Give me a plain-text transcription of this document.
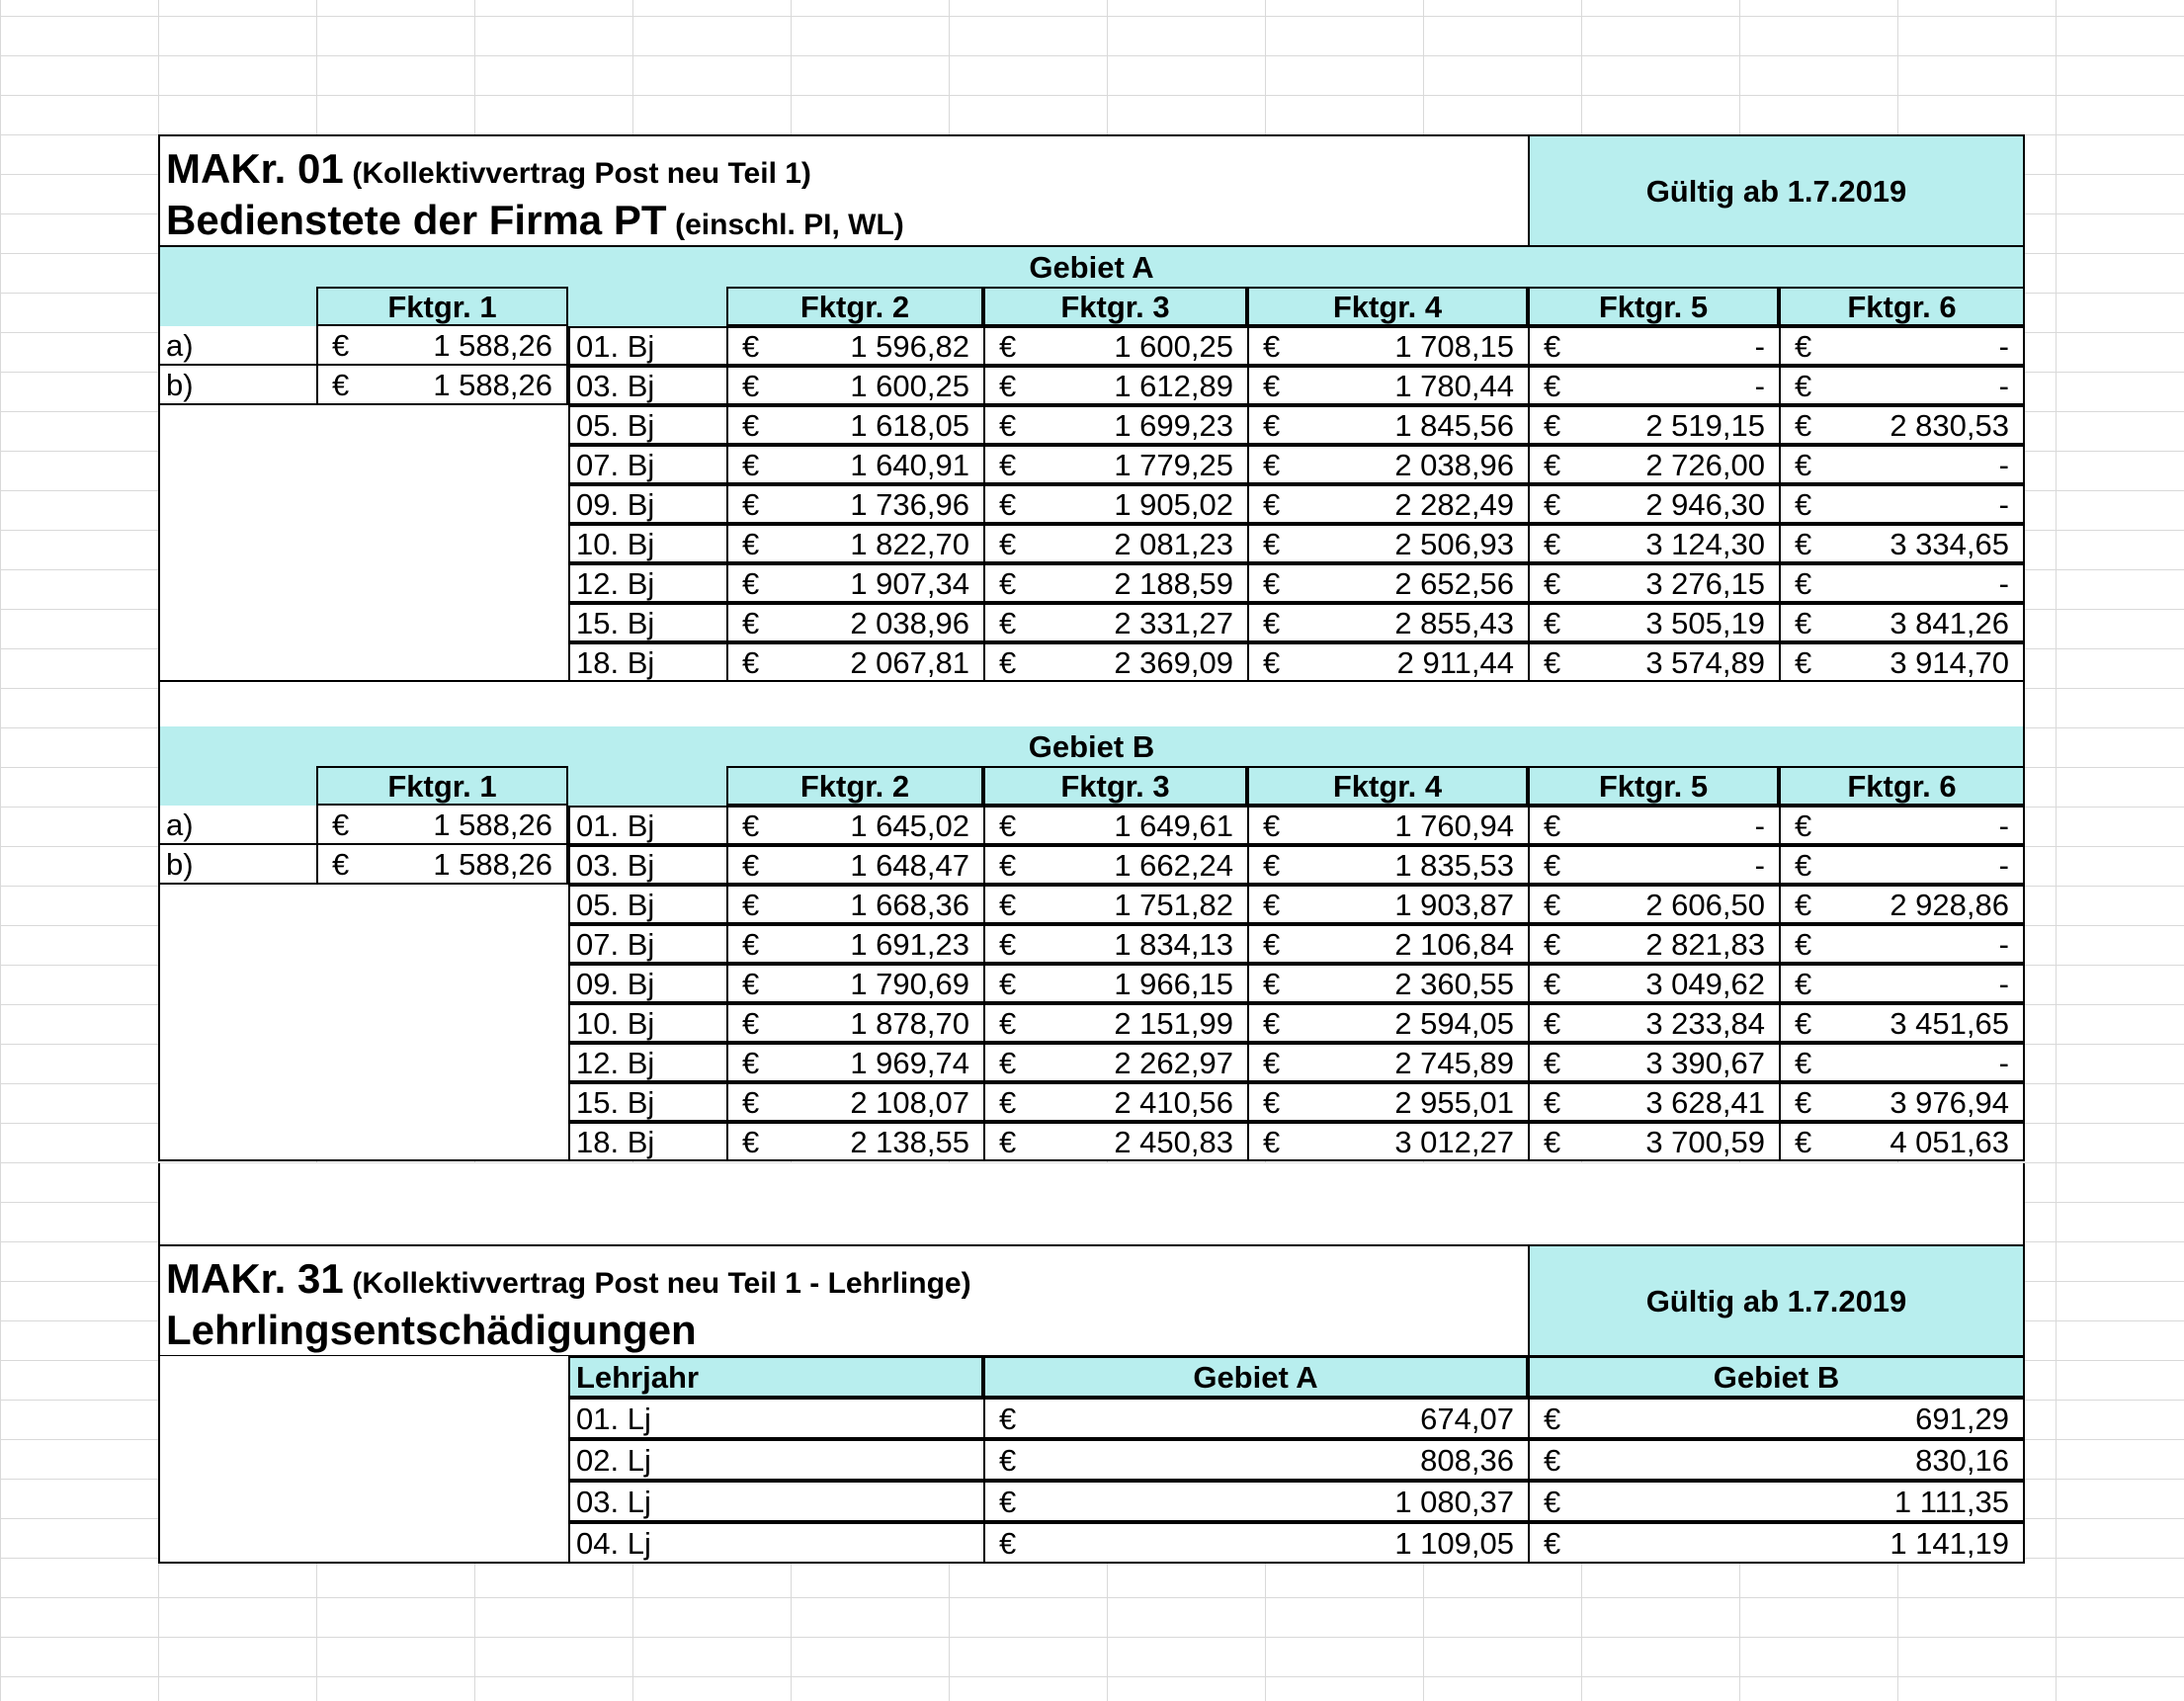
MAKr. 01 (Kollektivvertrag Post neu Teil 1)
Bedienstete der Firma PT (einschl. PI, WL)
Gültig ab 1.7.2019
Gebiet A
Fktgr. 1	Fktgr. 2	Fktgr. 3	Fktgr. 4	Fktgr. 5	Fktgr. 6
a)	€	1 588,26 01. Bj	€	1 596,82 €	1 600,25 €	1 708,15 €	- €	-
b)	€	1 588,26 03. Bj	€	1 600,25 €	1 612,89 €	1 780,44 €	- €	-
05. Bj	€	1 618,05 €	1 699,23 €	1 845,56 €	2 519,15 €	2 830,53
07. Bj	€	1 640,91 €	1 779,25 €	2 038,96 €	2 726,00 €	-
09. Bj	€	1 736,96 €	1 905,02 €	2 282,49 €	2 946,30 €	-
10. Bj	€	1 822,70 €	2 081,23 €	2 506,93 €	3 124,30 €	3 334,65
12. Bj	€	1 907,34 €	2 188,59 €	2 652,56 €	3 276,15 €	-
15. Bj	€	2 038,96 €	2 331,27 €	2 855,43 €	3 505,19 €	3 841,26
18. Bj	€	2 067,81 €	2 369,09 €	2 911,44 €	3 574,89 €	3 914,70
Gebiet B
Fktgr. 1	Fktgr. 2	Fktgr. 3	Fktgr. 4	Fktgr. 5	Fktgr. 6
a)	€	1 588,26 01. Bj	€	1 645,02 €	1 649,61 €	1 760,94 €	- €	-
b)	€	1 588,26 03. Bj	€	1 648,47 €	1 662,24 €	1 835,53 €	- €	-
05. Bj	€	1 668,36 €	1 751,82 €	1 903,87 €	2 606,50 €	2 928,86
07. Bj	€	1 691,23 €	1 834,13 €	2 106,84 €	2 821,83 €	-
09. Bj	€	1 790,69 €	1 966,15 €	2 360,55 €	3 049,62 €	-
10. Bj	€	1 878,70 €	2 151,99 €	2 594,05 €	3 233,84 €	3 451,65
12. Bj	€	1 969,74 €	2 262,97 €	2 745,89 €	3 390,67 €	-
15. Bj	€	2 108,07 €	2 410,56 €	2 955,01 €	3 628,41 €	3 976,94
18. Bj	€	2 138,55 €	2 450,83 €	3 012,27 €	3 700,59 €	4 051,63
MAKr. 31 (Kollektivvertrag Post neu Teil 1 - Lehrlinge)
Lehrlingsentschädigungen
Gültig ab 1.7.2019
Lehrjahr	Gebiet A	Gebiet B
01. Lj	€	674,07 €	691,29
02. Lj	€	808,36 €	830,16
03. Lj	€	1 080,37 €	1 111,35
04. Lj	€	1 109,05 €	1 141,19
